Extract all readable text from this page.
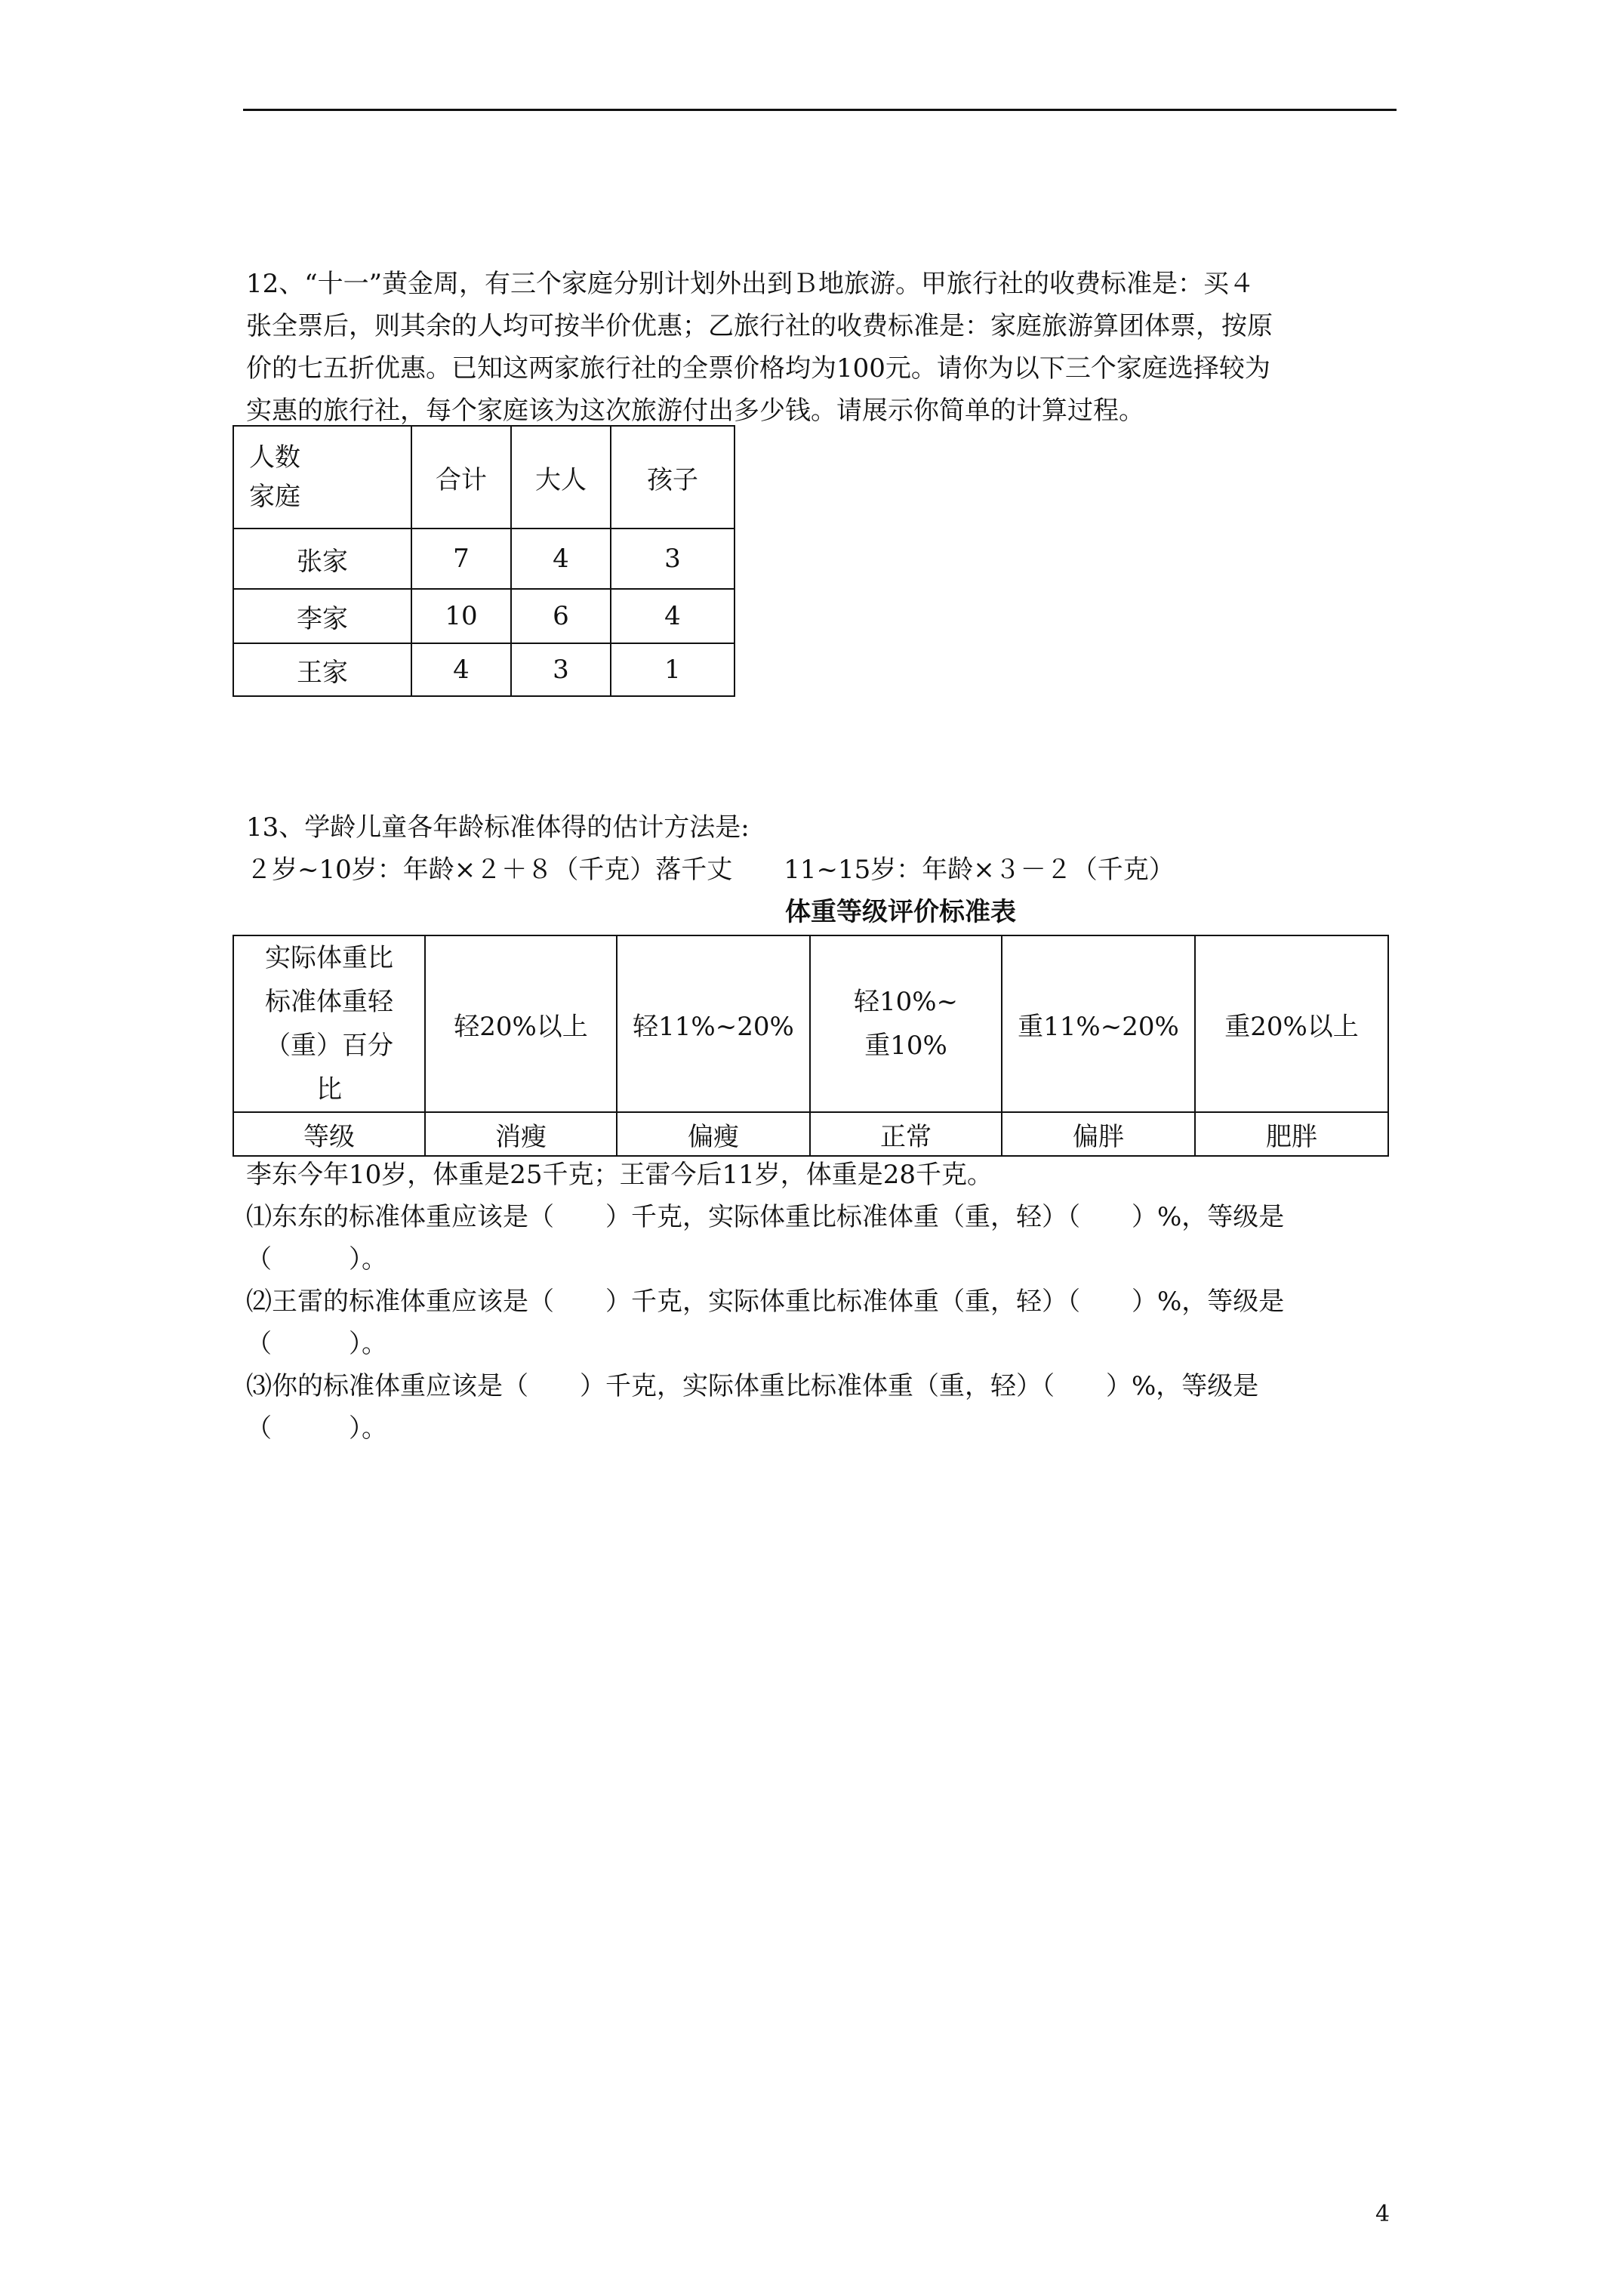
12、“十一”黄金周，有三个家庭分别计划外出到Ｂ地旅游。甲旅行社的收费标准是：买４
张全票后，则其余的人均可按半价优惠；乙旅行社的收费标准是：家庭旅游算团体票，按原
价的七五折优惠。已知这两家旅行社的全票价格均为100元。请你为以下三个家庭选择较为
实惠的旅行社，每个家庭该为这次旅游付出多少钱。请展示你简单的计算过程。
人数
家庭	合计	大人	孩子
张家	7	4	3
李家	10	6	4
王家	4	3	1
13、学龄儿童各年龄标准体得的估计方法是:
２岁~10岁：年龄×２＋８（千克）落千丈　　11~15岁：年龄×３－２（千克）
体重等级评价标准表
实际体重比
标准体重轻
（重）百分
比	轻20%以上	轻11%~20%	轻10%~重10%	重11%~20%	重20%以上
等级	消瘦	偏瘦	正常	偏胖	肥胖
李东今年10岁，体重是25千克；王雷今后11岁，体重是28千克。
⑴东东的标准体重应该是（　　）千克，实际体重比标准体重（重，轻）（　　）%，等级是
（　　　）。
⑵王雷的标准体重应该是（　　）千克，实际体重比标准体重（重，轻）（　　）%，等级是
（　　　）。
⑶你的标准体重应该是（　　）千克，实际体重比标准体重（重，轻）（　　）%，等级是
（　　　）。
4
